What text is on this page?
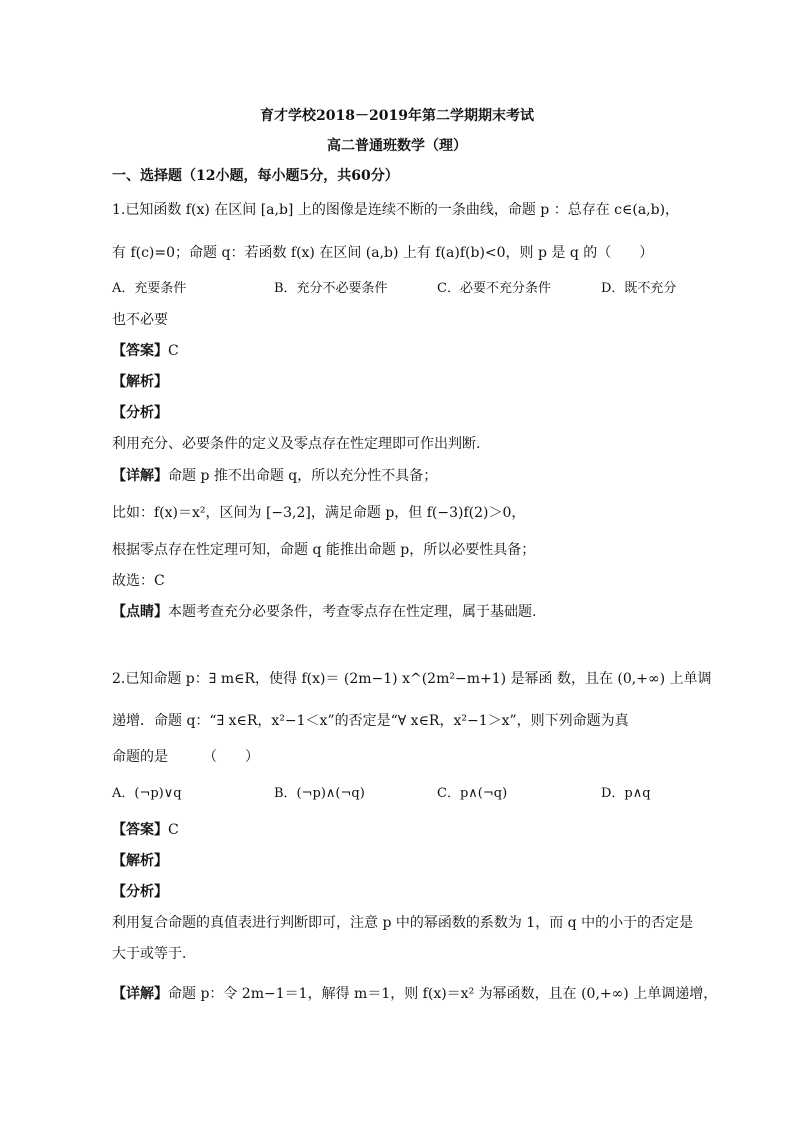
育才学校2018－2019年第二学期期末考试
高二普通班数学（理）
一、选择题（12小题，每小题5分，共60分）
1.已知函数 f(x) 在区间 [a,b] 上的图像是连续不断的一条曲线，命题 p ：总存在 c∈(a,b)，
有 f(c)=0；命题 q：若函数 f(x) 在区间 (a,b) 上有 f(a)f(b)<0，则 p 是 q 的（　　）
A．充要条件	B．充分不必要条件	C．必要不充分条件	D．既不充分
也不必要
【答案】C
【解析】
【分析】
利用充分、必要条件的定义及零点存在性定理即可作出判断.
【详解】命题 p 推不出命题 q，所以充分性不具备；
比如：f(x)＝x²，区间为 [−3,2]，满足命题 p，但 f(−3)f(2)＞0，
根据零点存在性定理可知，命题 q 能推出命题 p，所以必要性具备；
故选：C
【点睛】本题考查充分必要条件，考查零点存在性定理，属于基础题.
2.已知命题 p：∃ m∈R，使得 f(x)＝ (2m−1) x^(2m²−m+1) 是幂函 数，且在 (0,+∞) 上单调
递增．命题 q：“∃ x∈R，x²−1＜x”的否定是“∀ x∈R，x²−1＞x”，则下列命题为真
命题的是　　　（　　）
A．(¬p)∨q	B．(¬p)∧(¬q)	C．p∧(¬q)	D．p∧q
【答案】C
【解析】
【分析】
利用复合命题的真值表进行判断即可，注意 p 中的幂函数的系数为 1，而 q 中的小于的否定是
大于或等于．
【详解】命题 p：令 2m−1＝1，解得 m＝1，则 f(x)＝x² 为幂函数，且在 (0,+∞) 上单调递增，
